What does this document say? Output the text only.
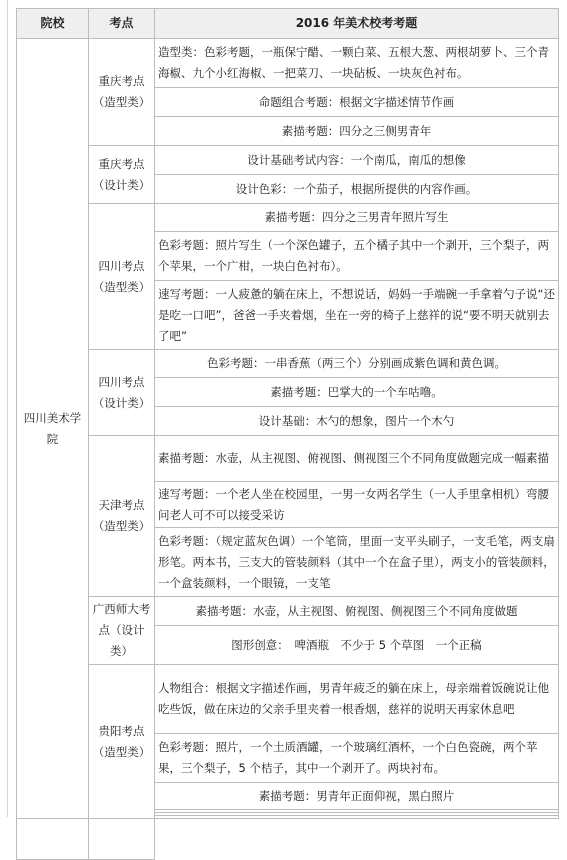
院校	考点	2016 年美术校考考题
四川美术学院	重庆考点（造型类）	造型类：色彩考题，一瓶保宁醋、一颗白菜、五根大葱、两根胡萝卜、三个青海椒、九个小红海椒、一把菜刀、一块砧板、一块灰色衬布。
		命题组合考题：根据文字描述情节作画
		素描考题：四分之三侧男青年
	重庆考点（设计类）	设计基础考试内容：一个南瓜，南瓜的想像
		设计色彩：一个茄子，根据所提供的内容作画。
	四川考点（造型类）	素描考题：四分之三男青年照片写生
		色彩考题：照片写生（一个深色罐子，五个橘子其中一个剥开，三个梨子，两个苹果，一个广柑，一块白色衬布）。
		速写考题：一人疲惫的躺在床上，不想说话，妈妈一手端碗一手拿着勺子说“还是吃一口吧”，爸爸一手夹着烟，坐在一旁的椅子上慈祥的说“要不明天就别去了吧”
	四川考点（设计类）	色彩考题：一串香蕉（两三个）分别画成紫色调和黄色调。
		素描考题：巴掌大的一个车咕噜。
		设计基础：木勺的想象，图片一个木勺
	天津考点（造型类）	素描考题：水壶，从主视图、俯视图、侧视图三个不同角度做题完成一幅素描
		速写考题：一个老人坐在校园里，一男一女两名学生（一人手里拿相机）弯腰问老人可不可以接受采访
		色彩考题：（规定蓝灰色调）一个笔筒，里面一支平头刷子，一支毛笔，两支扇形笔。两本书，三支大的管装颜料（其中一个在盒子里），两支小的管装颜料，一个盒装颜料，一个眼镜，一支笔
	广西师大考点（设计类）	素描考题：水壶，从主视图、俯视图、侧视图三个不同角度做题
		图形创意：　啤酒瓶　不少于 5 个草图　一个正稿
	贵阳考点（造型类）	人物组合：根据文字描述作画，男青年疲乏的躺在床上，母亲端着饭碗说让他吃些饭，做在床边的父亲手里夹着一根香烟，慈祥的说明天再家休息吧
		色彩考题：照片，一个土质酒罐，一个玻璃红酒杯，一个白色瓷碗，两个苹果，三个梨子，5 个桔子，其中一个剥开了。两块衬布。
		素描考题：男青年正面仰视，黑白照片
